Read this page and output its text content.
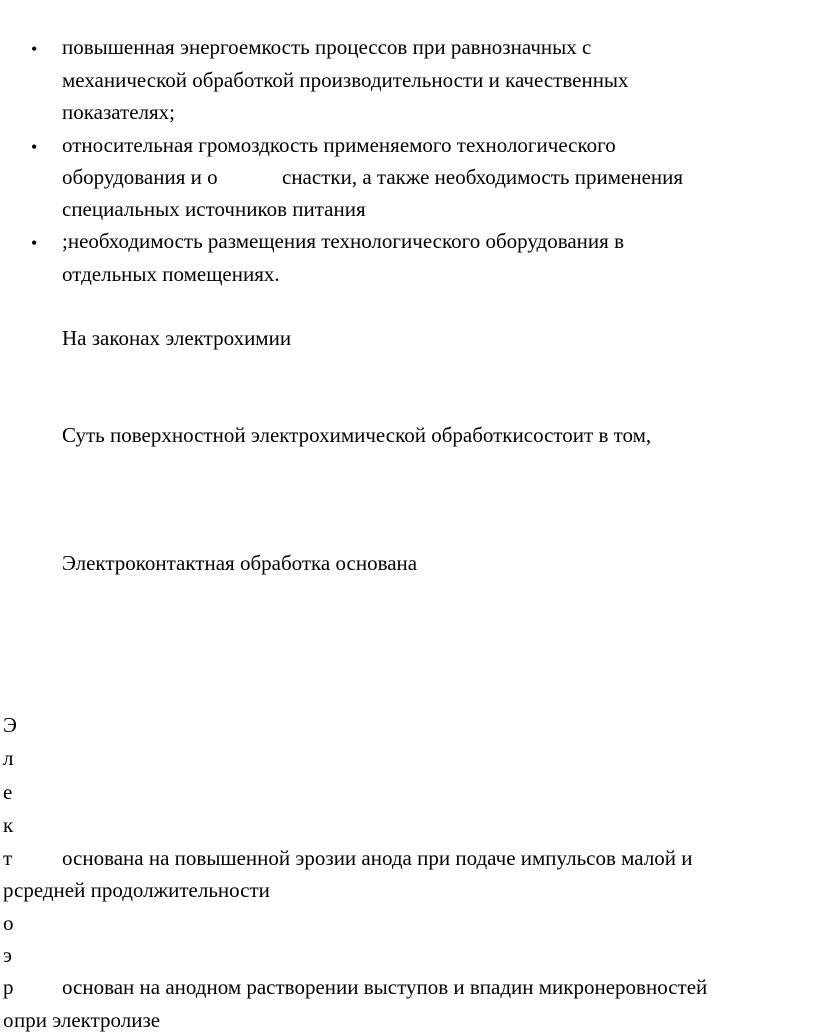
• повышенная энергоемкость процессов при равнозначных с
механической обработкой производительности и качественных
показателях;
• относительная громоздкость применяемого технологического
оборудования и о	снастки, а также необходимость применения
специальных источников питания
• ;необходимость размещения технологического оборудования в
отдельных помещениях.
На законах электрохимии
Суть поверхностной электрохимической обработкисостоит в том,
Электроконтактная обработка основана
Э
л
е
к
т
р
о
э
р
о
основана на повышенной эрозии анода при подаче импульсов малой и
средней продолжительности
основан на анодном растворении выступов и впадин микронеровностей
при электролизе
